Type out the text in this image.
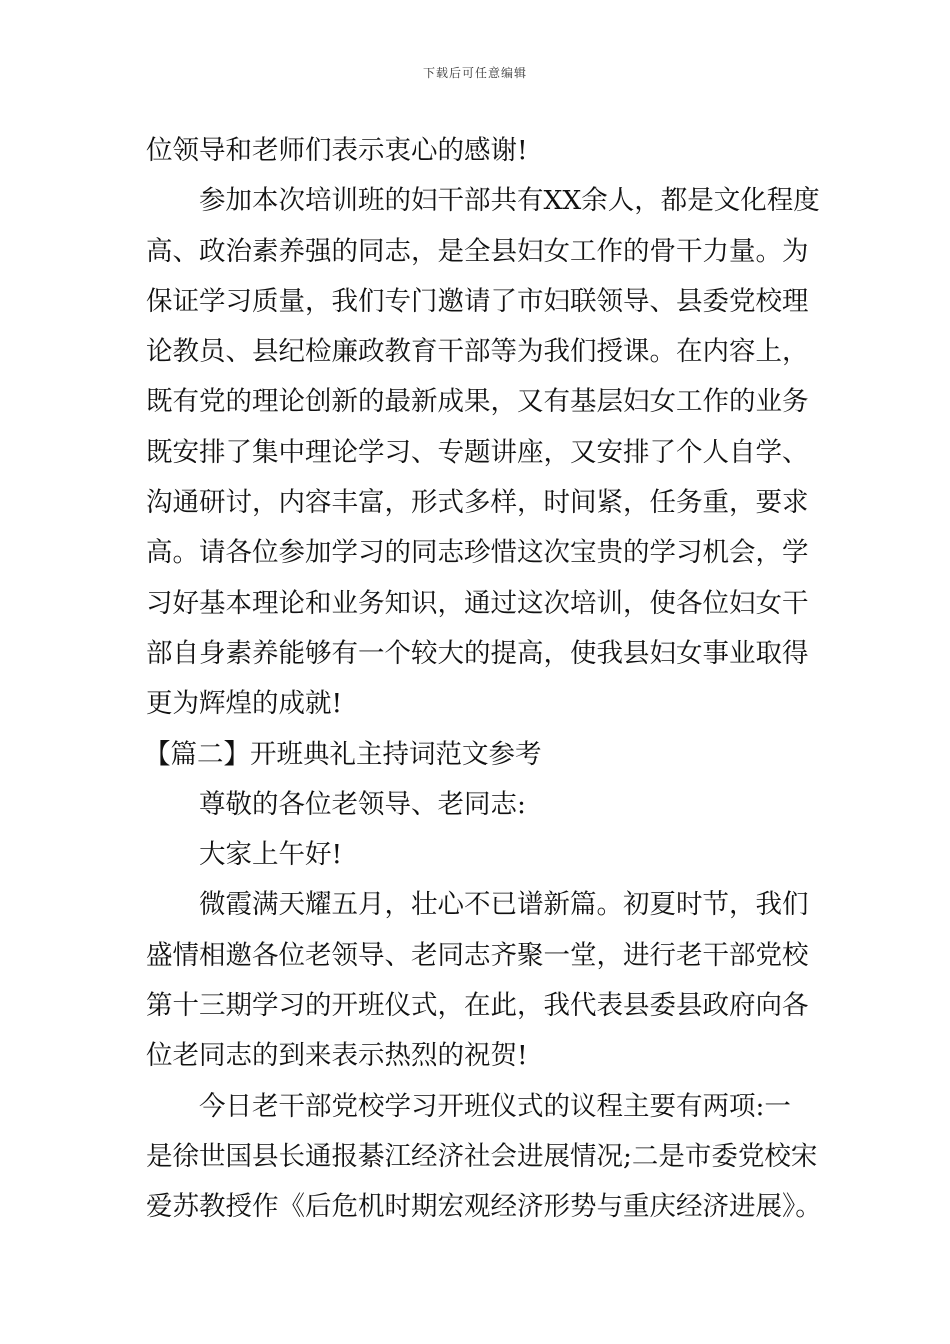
下载后可任意编辑
位领导和老师们表示衷心的感谢!
参加本次培训班的妇干部共有XX余人，都是文化程度
高、政治素养强的同志，是全县妇女工作的骨干力量。为
保证学习质量，我们专门邀请了市妇联领导、县委党校理
论教员、县纪检廉政教育干部等为我们授课。在内容上，
既有党的理论创新的最新成果，又有基层妇女工作的业务
既安排了集中理论学习、专题讲座，又安排了个人自学、
沟通研讨，内容丰富，形式多样，时间紧，任务重，要求
高。请各位参加学习的同志珍惜这次宝贵的学习机会，学
习好基本理论和业务知识，通过这次培训，使各位妇女干
部自身素养能够有一个较大的提高，使我县妇女事业取得
更为辉煌的成就!
【篇二】开班典礼主持词范文参考
尊敬的各位老领导、老同志:
大家上午好!
微霞满天耀五月，壮心不已谱新篇。初夏时节，我们
盛情相邀各位老领导、老同志齐聚一堂，进行老干部党校
第十三期学习的开班仪式，在此，我代表县委县政府向各
位老同志的到来表示热烈的祝贺!
今日老干部党校学习开班仪式的议程主要有两项:一
是徐世国县长通报綦江经济社会进展情况;二是市委党校宋
爱苏教授作《后危机时期宏观经济形势与重庆经济进展》。
